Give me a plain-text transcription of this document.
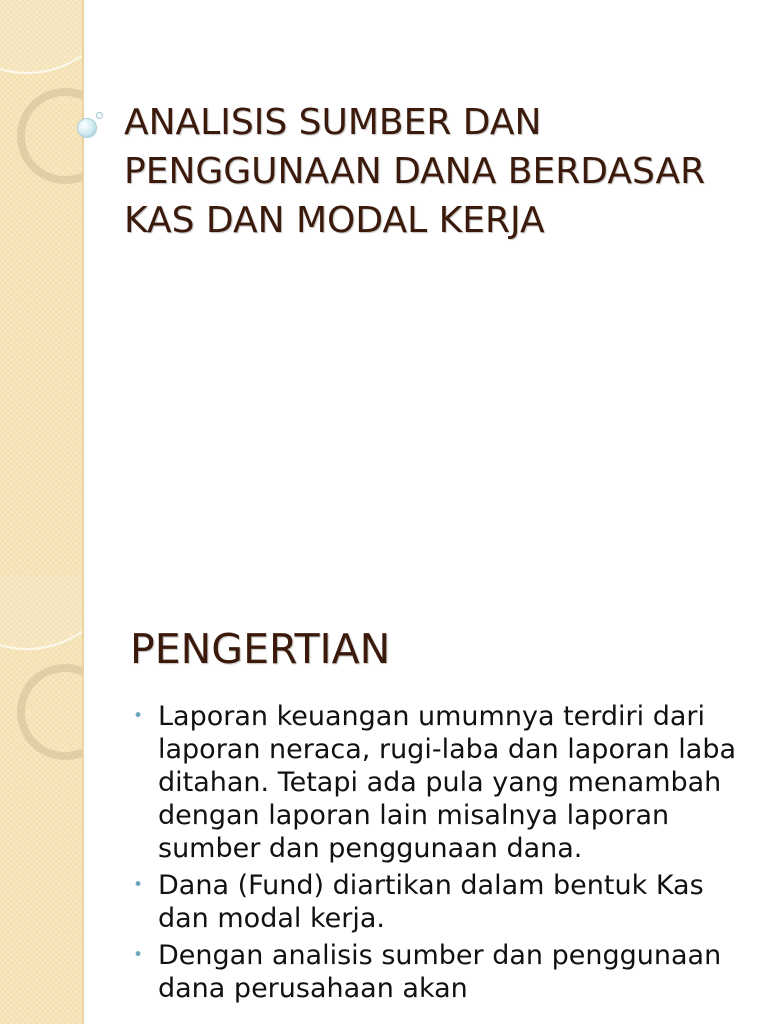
ANALISIS SUMBER DAN PENGGUNAAN DANA BERDASAR KAS DAN MODAL KERJA
PENGERTIAN
• Laporan keuangan umumnya terdiri dari laporan neraca, rugi-laba dan laporan laba ditahan. Tetapi ada pula yang menambah dengan laporan lain misalnya laporan sumber dan penggunaan dana.
• Dana (Fund) diartikan dalam bentuk Kas dan modal kerja.
• Dengan analisis sumber dan penggunaan dana perusahaan akan
